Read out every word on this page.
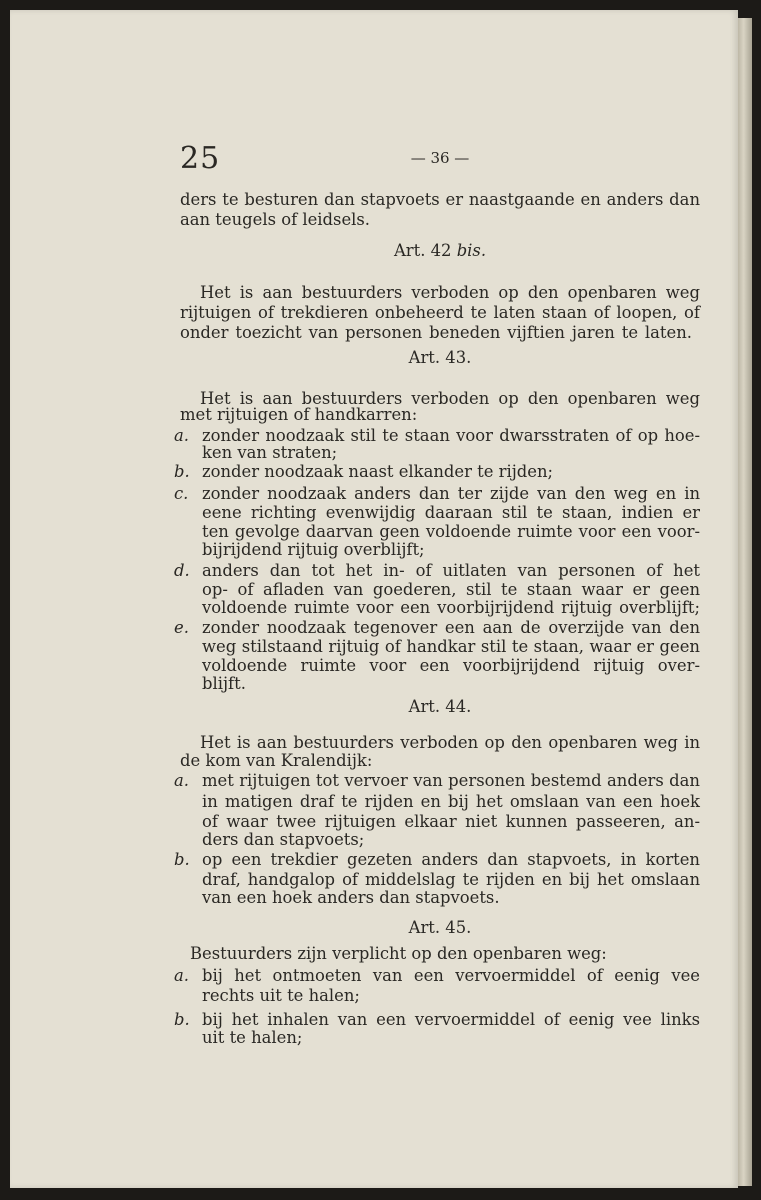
25	— 36 —
ders te besturen dan stapvoets er naastgaande en anders dan
aan teugels of leidsels.
Art. 42 bis.
Het is aan bestuurders verboden op den openbaren weg
rijtuigen of trekdieren onbeheerd te laten staan of loopen, of
onder toezicht van personen beneden vijftien jaren te laten.
Art. 43.
Het is aan bestuurders verboden op den openbaren weg
met rijtuigen of handkarren:
a. zonder noodzaak stil te staan voor dwarsstraten of op hoe-
ken van straten;
b. zonder noodzaak naast elkander te rijden;
c. zonder noodzaak anders dan ter zijde van den weg en in
eene richting evenwijdig daaraan stil te staan, indien er
ten gevolge daarvan geen voldoende ruimte voor een voor-
bijrijdend rijtuig overblijft;
d. anders dan tot het in- of uitlaten van personen of het
op- of afladen van goederen, stil te staan waar er geen
voldoende ruimte voor een voorbijrijdend rijtuig overblijft;
e. zonder noodzaak tegenover een aan de overzijde van den
weg stilstaand rijtuig of handkar stil te staan, waar er geen
voldoende ruimte voor een voorbijrijdend rijtuig over-
blijft.
Art. 44.
Het is aan bestuurders verboden op den openbaren weg in
de kom van Kralendijk:
a. met rijtuigen tot vervoer van personen bestemd anders dan
in matigen draf te rijden en bij het omslaan van een hoek
of waar twee rijtuigen elkaar niet kunnen passeeren, an-
ders dan stapvoets;
b. op een trekdier gezeten anders dan stapvoets, in korten
draf, handgalop of middelslag te rijden en bij het omslaan
van een hoek anders dan stapvoets.
Art. 45.
Bestuurders zijn verplicht op den openbaren weg:
a. bij het ontmoeten van een vervoermiddel of eenig vee
rechts uit te halen;
b. bij het inhalen van een vervoermiddel of eenig vee links
uit te halen;
